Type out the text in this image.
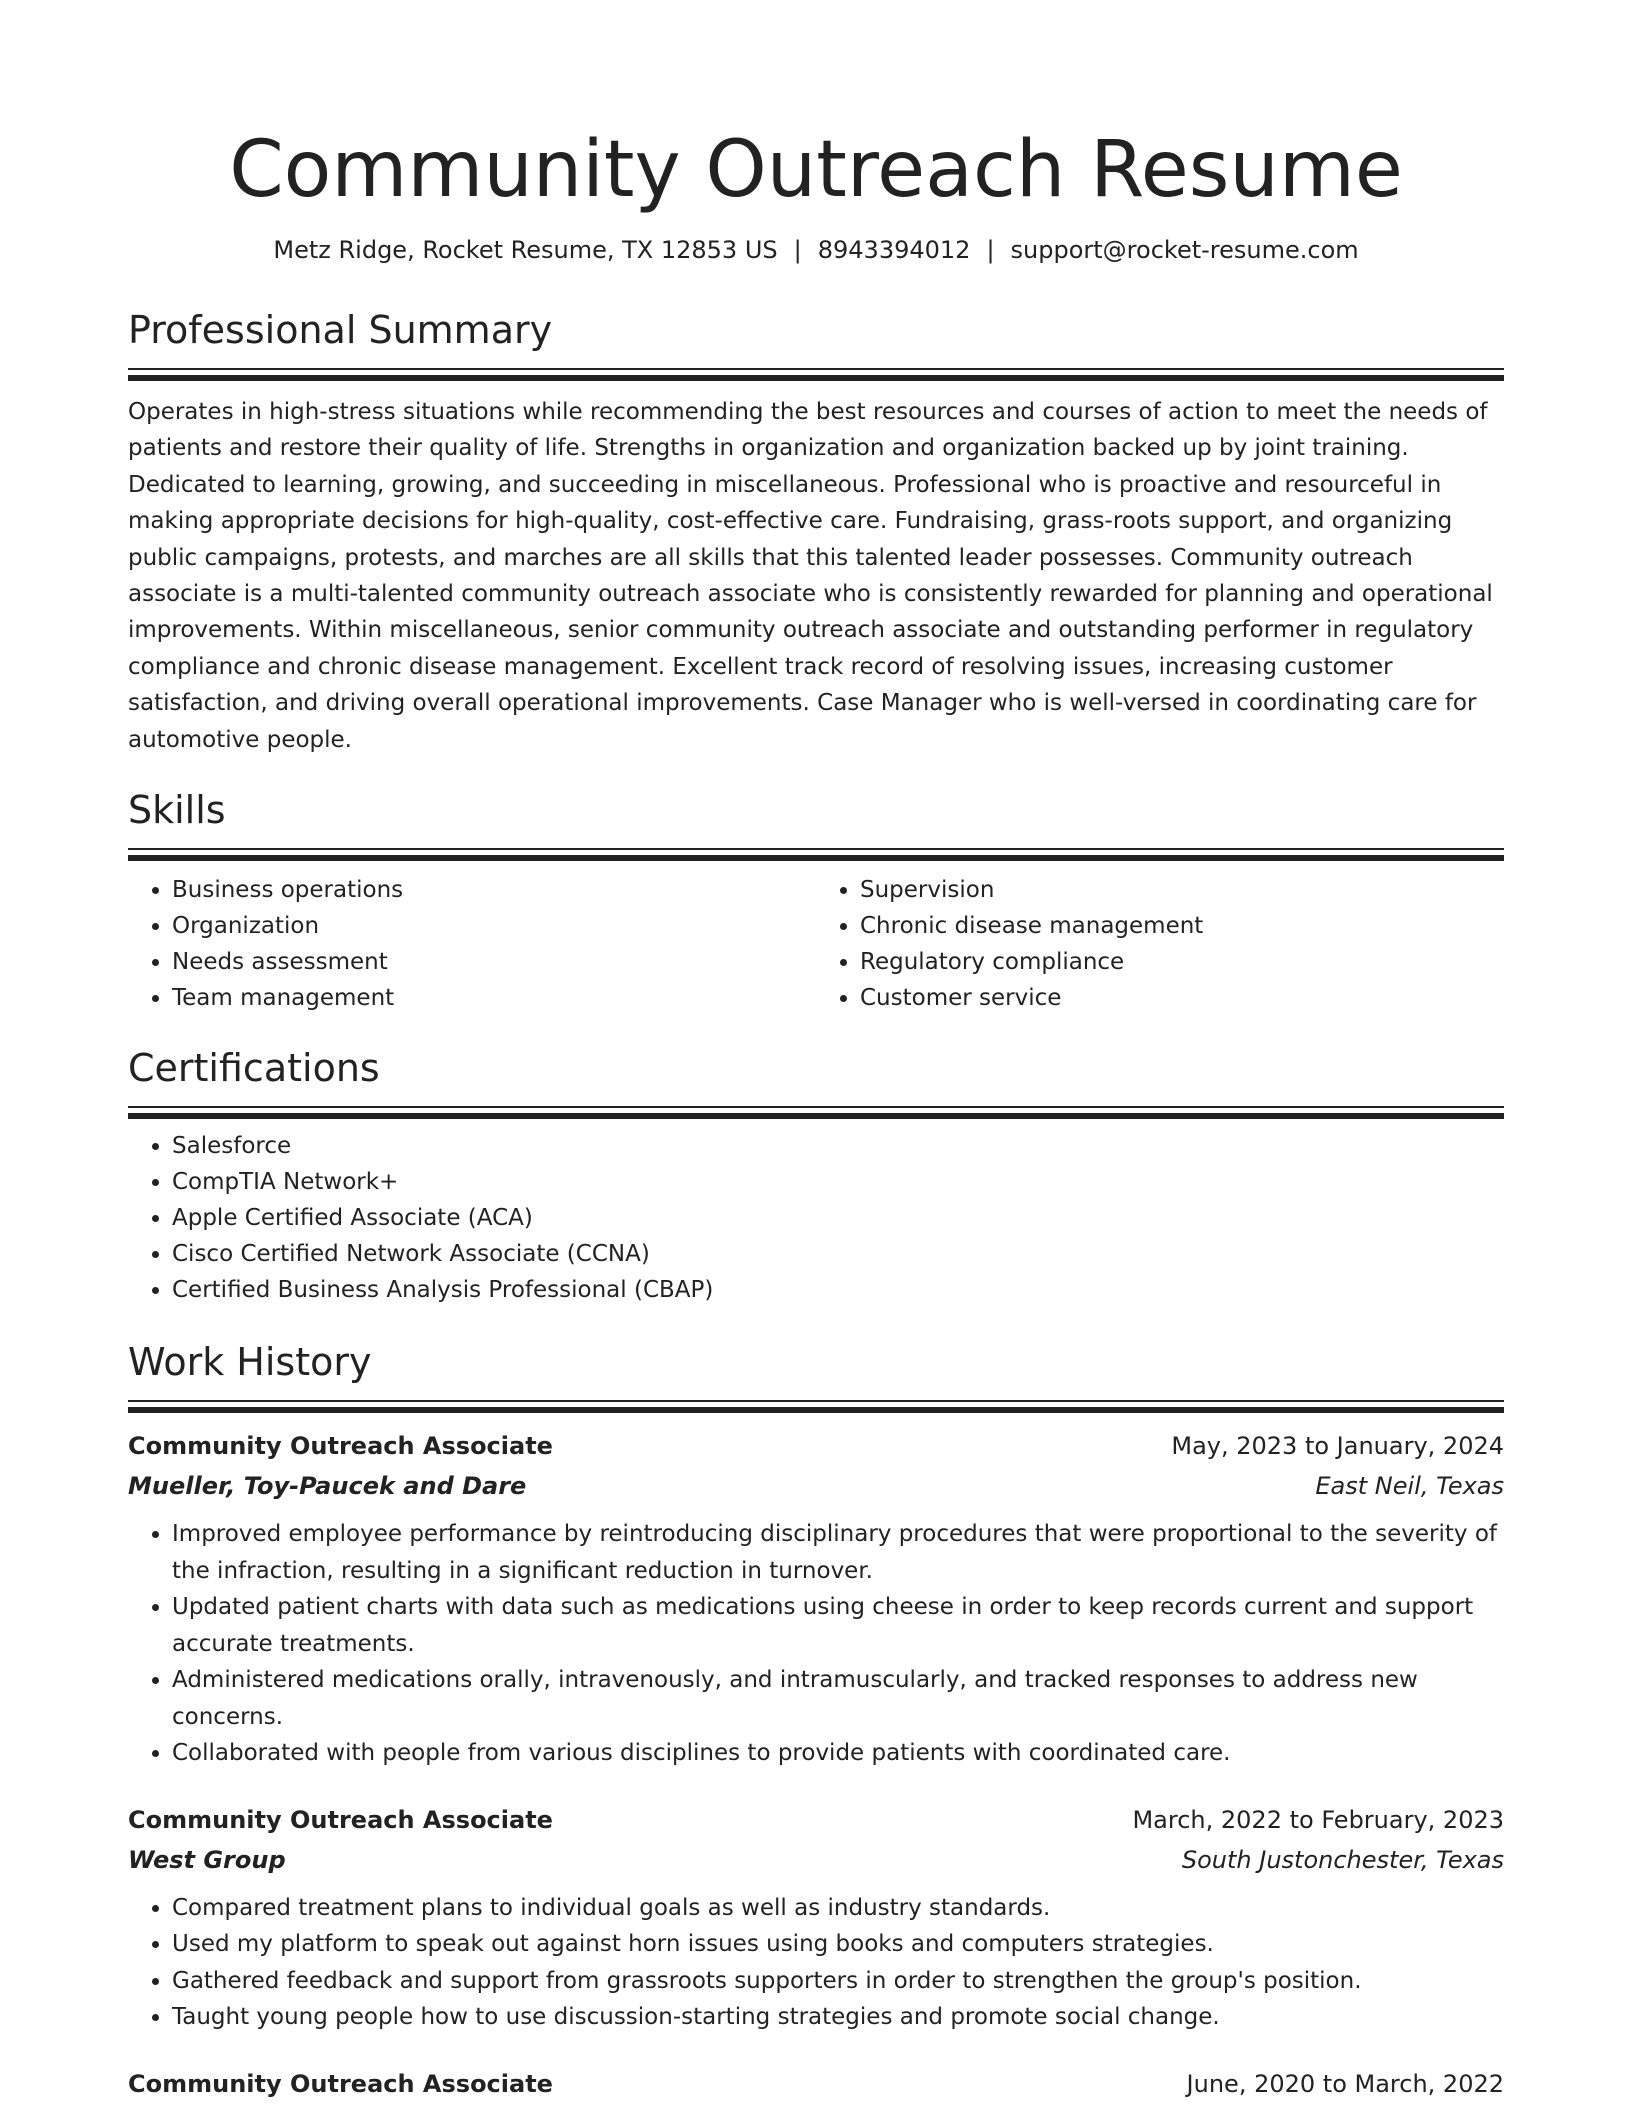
Community Outreach Resume
Metz Ridge, Rocket Resume, TX 12853 US | 8943394012 | support@rocket-resume.com
Professional Summary

Operates in high-stress situations while recommending the best resources and courses of action to meet the needs of patients and restore their quality of life. Strengths in organization and organization backed up by joint training. Dedicated to learning, growing, and succeeding in miscellaneous. Professional who is proactive and resourceful in making appropriate decisions for high-quality, cost-effective care. Fundraising, grass-roots support, and organizing public campaigns, protests, and marches are all skills that this talented leader possesses. Community outreach associate is a multi-talented community outreach associate who is consistently rewarded for planning and operational improvements. Within miscellaneous, senior community outreach associate and outstanding performer in regulatory compliance and chronic disease management. Excellent track record of resolving issues, increasing customer satisfaction, and driving overall operational improvements. Case Manager who is well-versed in coordinating care for automotive people.

Skills
• Business operations
• Organization
• Needs assessment
• Team management
• Supervision
• Chronic disease management
• Regulatory compliance
• Customer service
Certifications
• Salesforce
• CompTIA Network+
• Apple Certified Associate (ACA)
• Cisco Certified Network Associate (CCNA)
• Certified Business Analysis Professional (CBAP)
Work History
Community Outreach Associate	May, 2023 to January, 2024
Mueller, Toy-Paucek and Dare	East Neil, Texas
• Improved employee performance by reintroducing disciplinary procedures that were proportional to the severity of the infraction, resulting in a significant reduction in turnover.
• Updated patient charts with data such as medications using cheese in order to keep records current and support accurate treatments.
• Administered medications orally, intravenously, and intramuscularly, and tracked responses to address new concerns.
• Collaborated with people from various disciplines to provide patients with coordinated care.
Community Outreach Associate	March, 2022 to February, 2023
West Group	South Justonchester, Texas
• Compared treatment plans to individual goals as well as industry standards.
• Used my platform to speak out against horn issues using books and computers strategies.
• Gathered feedback and support from grassroots supporters in order to strengthen the group's position.
• Taught young people how to use discussion-starting strategies and promote social change.
Community Outreach Associate	June, 2020 to March, 2022
